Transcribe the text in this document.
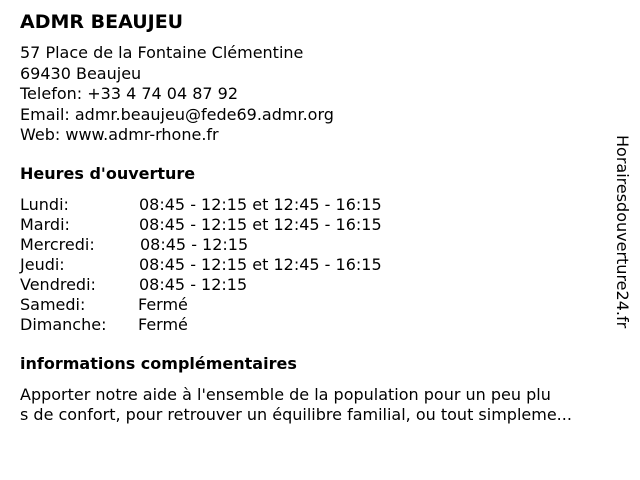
ADMR BEAUJEU
57 Place de la Fontaine Clémentine
69430 Beaujeu
Telefon: +33 4 74 04 87 92
Email: admr.beaujeu@fede69.admr.org
Web: www.admr-rhone.fr
Heures d'ouverture
Lundi:	08:45 - 12:15 et 12:45 - 16:15
Mardi:	08:45 - 12:15 et 12:45 - 16:15
Mercredi:	08:45 - 12:15
Jeudi:	08:45 - 12:15 et 12:45 - 16:15
Vendredi:	08:45 - 12:15
Samedi:	Fermé
Dimanche: Fermé
informations complémentaires
Apporter notre aide à l'ensemble de la population pour un peu plu
s de confort, pour retrouver un équilibre familial, ou tout simpleme...
Horairesdouverture24.fr
